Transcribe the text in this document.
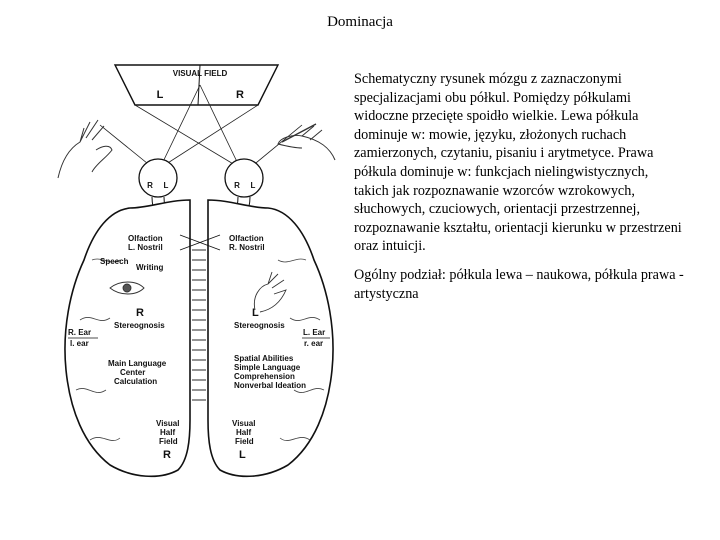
Dominacja
VISUAL FIELD
L	R
R L	R L
Olfaction
L. Nostril
Speech
Writing
R
Stereognosis
R. Ear
l. ear
Main Language
Center
Calculation
Visual
Half
Field
R
Olfaction
R. Nostril
L
Stereognosis
L. Ear
r. ear
Spatial Abilities
Simple Language
Comprehension
Nonverbal Ideation
Visual
Half
Field
L

Schematyczny rysunek mózgu z zaznaczonymi specjalizacjami obu półkul. Pomiędzy półkulami widoczne przecięte spoidło wielkie. Lewa półkula dominuje w: mowie, języku, złożonych ruchach zamierzonych, czytaniu, pisaniu i arytmetyce. Prawa półkula dominuje w: funkcjach nielingwistycznych, takich jak rozpoznawanie wzorców wzrokowych, słuchowych, czuciowych, orientacji przestrzennej, rozpoznawanie kształtu, orientacji kierunku w przestrzeni oraz intuicji.

Ogólny podział: półkula lewa – naukowa, półkula prawa - artystyczna
